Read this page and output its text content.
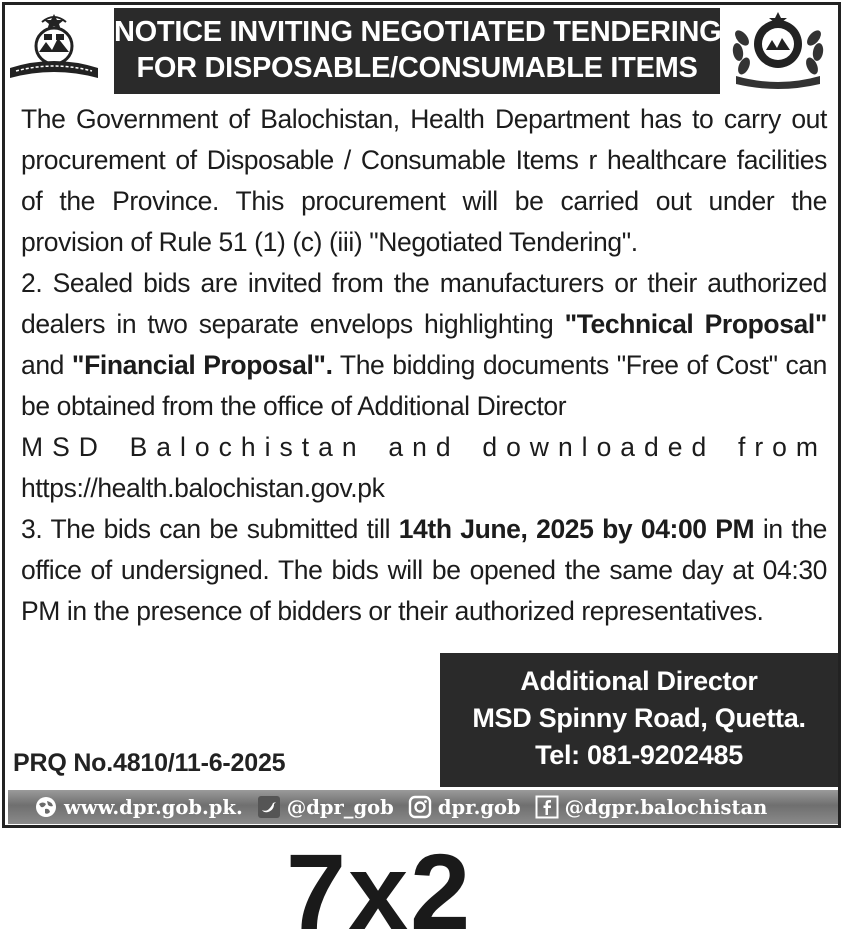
NOTICE INVITING NEGOTIATED TENDERING
FOR DISPOSABLE/CONSUMABLE ITEMS

The Government of Balochistan, Health Department has to carry out procurement of Disposable / Consumable Items r healthcare facilities of the Province. This procurement will be carried out under the provision of Rule 51 (1) (c) (iii) "Negotiated Tendering".

2. Sealed bids are invited from the manufacturers or their authorized dealers in two separate envelops highlighting "Technical Proposal" and "Financial Proposal". The bidding documents "Free of Cost" can be obtained from the office of Additional Director
MSD Balochistan and downloaded from
https://health.balochistan.gov.pk

3. The bids can be submitted till 14th June, 2025 by 04:00 PM in the office of undersigned. The bids will be opened the same day at 04:30 PM in the presence of bidders or their authorized representatives.

Additional Director
MSD Spinny Road, Quetta.
Tel: 081-9202485
PRQ No.4810/11-6-2025
www.dpr.gob.pk. @dpr_gob dpr.gob @dgpr.balochistan
7x2
